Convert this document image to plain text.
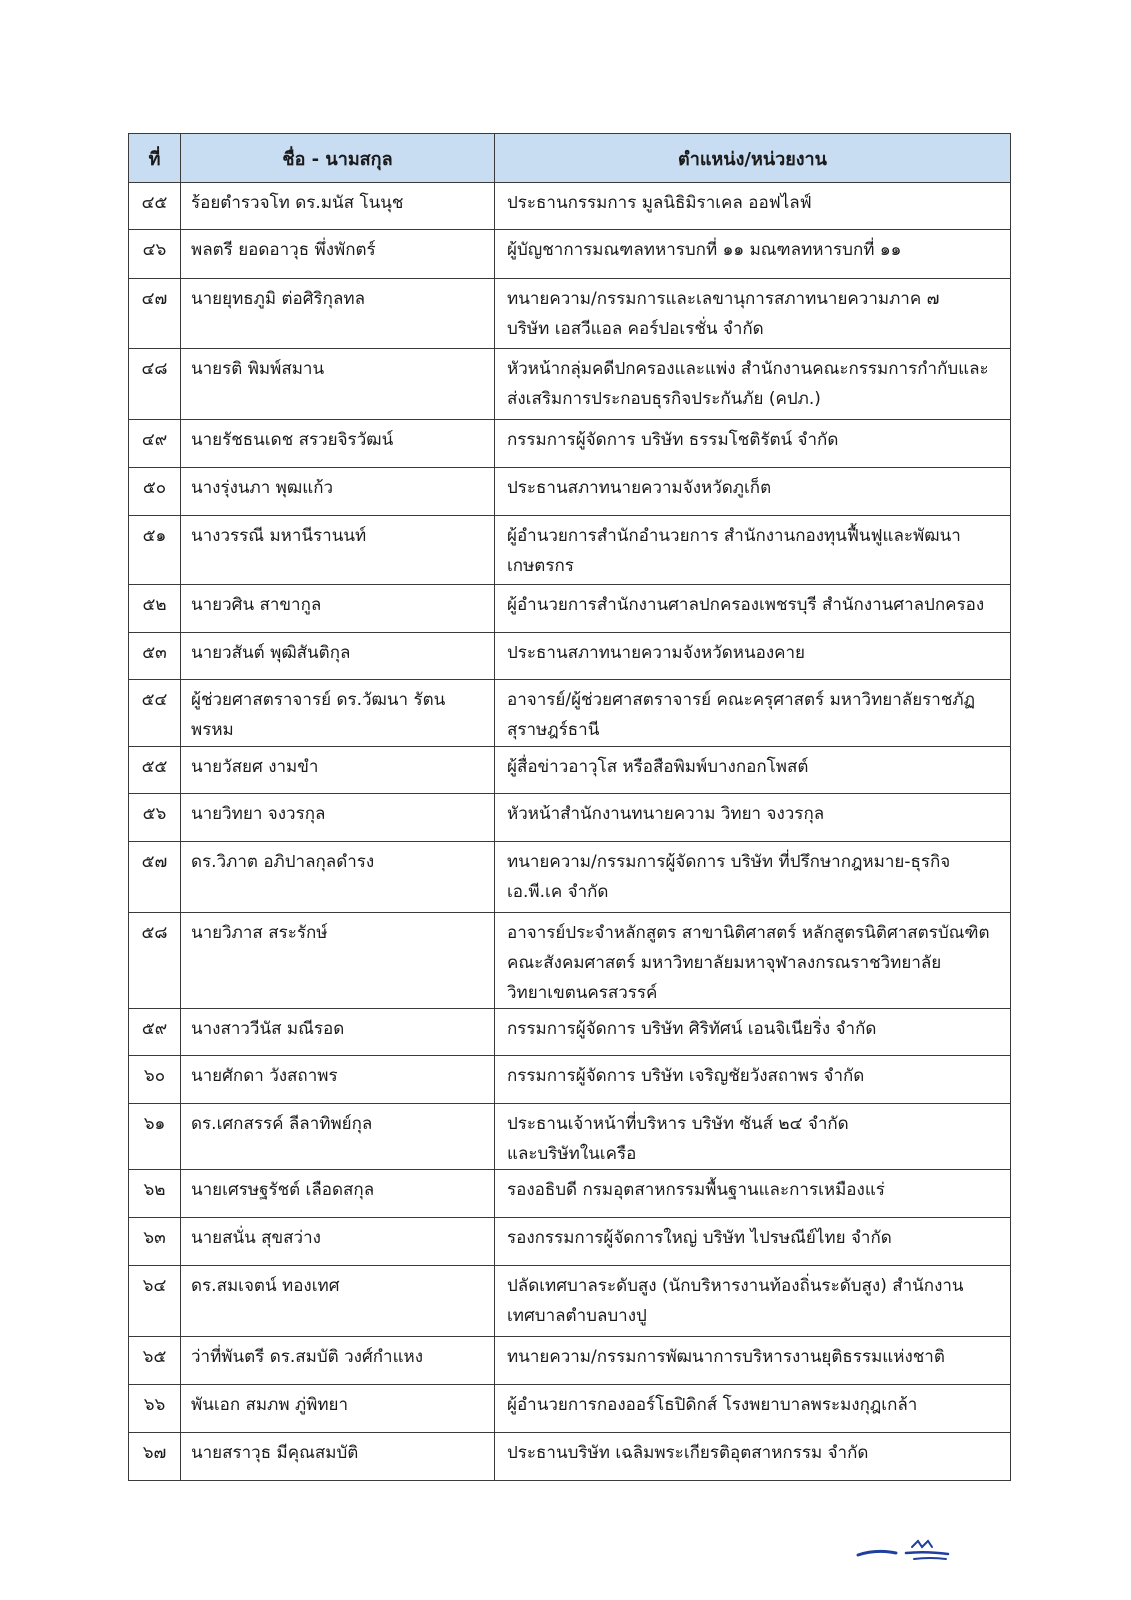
ที่	ชื่อ - นามสกุล	ตำแหน่ง/หน่วยงาน
๔๕	ร้อยตำรวจโท ดร.มนัส โนนุช	ประธานกรรมการ มูลนิธิมิราเคล ออฟไลฟ์

๔๖	พลตรี ยอดอาวุธ พึ่งพักตร์	ผู้บัญชาการมณฑลทหารบกที่ ๑๑ มณฑลทหารบกที่ ๑๑

๔๗	นายยุทธภูมิ ต่อศิริกุลทล	ทนายความ/กรรมการและเลขานุการสภาทนายความภาค ๗
บริษัท เอสวีแอล คอร์ปอเรชั่น จำกัด

๔๘	นายรติ พิมพ์สมาน	หัวหน้ากลุ่มคดีปกครองและแพ่ง สำนักงานคณะกรรมการกำกับและ
ส่งเสริมการประกอบธุรกิจประกันภัย (คปภ.)

๔๙	นายรัชธนเดช สรวยจิรวัฒน์	กรรมการผู้จัดการ บริษัท ธรรมโชติรัตน์ จำกัด

๕๐	นางรุ่งนภา พุฒแก้ว	ประธานสภาทนายความจังหวัดภูเก็ต

๕๑	นางวรรณี มหานีรานนท์	ผู้อำนวยการสำนักอำนวยการ สำนักงานกองทุนฟื้นฟูและพัฒนา
เกษตรกร

๕๒	นายวศิน สาขากูล	ผู้อำนวยการสำนักงานศาลปกครองเพชรบุรี สำนักงานศาลปกครอง

๕๓	นายวสันต์ พุฒิสันติกุล	ประธานสภาทนายความจังหวัดหนองคาย

๕๔	ผู้ช่วยศาสตราจารย์ ดร.วัฒนา รัตนพรหม	อาจารย์/ผู้ช่วยศาสตราจารย์ คณะครุศาสตร์ มหาวิทยาลัยราชภัฏ
สุราษฎร์ธานี

๕๕	นายวัสยศ งามขำ	ผู้สื่อข่าวอาวุโส หรือสือพิมพ์บางกอกโพสต์

๕๖	นายวิทยา จงวรกุล	หัวหน้าสำนักงานทนายความ วิทยา จงวรกุล

๕๗	ดร.วิภาต อภิปาลกุลดำรง	ทนายความ/กรรมการผู้จัดการ บริษัท ที่ปรึกษากฎหมาย-ธุรกิจ
เอ.พี.เค จำกัด

๕๘	นายวิภาส สระรักษ์	อาจารย์ประจำหลักสูตร สาขานิติศาสตร์ หลักสูตรนิติศาสตรบัณฑิต
คณะสังคมศาสตร์ มหาวิทยาลัยมหาจุฬาลงกรณราชวิทยาลัย
วิทยาเขตนครสวรรค์

๕๙	นางสาววีนัส มณีรอด	กรรมการผู้จัดการ บริษัท ศิริทัศน์ เอนจิเนียริ่ง จำกัด

๖๐	นายศักดา วังสถาพร	กรรมการผู้จัดการ บริษัท เจริญชัยวังสถาพร จำกัด

๖๑	ดร.เศกสรรค์ ลีลาทิพย์กุล	ประธานเจ้าหน้าที่บริหาร บริษัท ซันส์ ๒๔ จำกัด
และบริษัทในเครือ

๖๒	นายเศรษฐรัชต์ เลือดสกุล	รองอธิบดี กรมอุตสาหกรรมพื้นฐานและการเหมืองแร่

๖๓	นายสนั่น สุขสว่าง	รองกรรมการผู้จัดการใหญ่ บริษัท ไปรษณีย์ไทย จำกัด

๖๔	ดร.สมเจตน์ ทองเทศ	ปลัดเทศบาลระดับสูง (นักบริหารงานท้องถิ่นระดับสูง) สำนักงาน
เทศบาลตำบลบางปู

๖๕	ว่าที่พันตรี ดร.สมบัติ วงศ์กำแหง	ทนายความ/กรรมการพัฒนาการบริหารงานยุติธรรมแห่งชาติ

๖๖	พันเอก สมภพ ภู่พิทยา	ผู้อำนวยการกองออร์โธปิดิกส์ โรงพยาบาลพระมงกุฎเกล้า

๖๗	นายสราวุธ มีคุณสมบัติ	ประธานบริษัท เฉลิมพระเกียรติอุตสาหกรรม จำกัด
